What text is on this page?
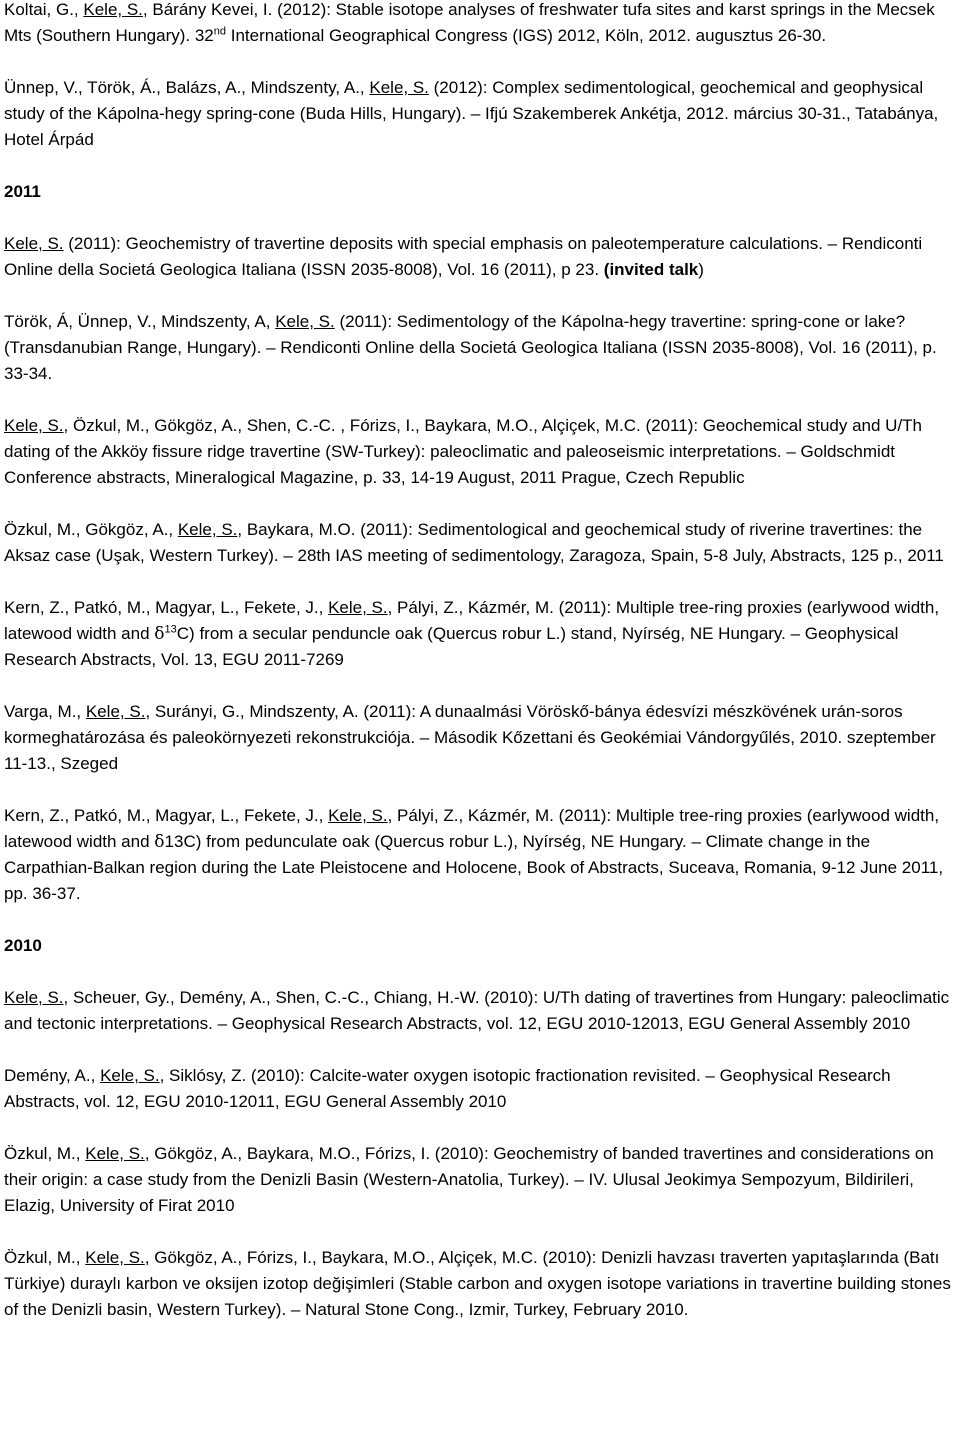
Koltai, G., Kele, S., Bárány Kevei, I. (2012): Stable isotope analyses of freshwater tufa sites and karst springs in the Mecsek Mts (Southern Hungary). 32nd International Geographical Congress (IGS) 2012, Köln, 2012. augusztus 26-30.

Ünnep, V., Török, Á., Balázs, A., Mindszenty, A., Kele, S. (2012): Complex sedimentological, geochemical and geophysical study of the Kápolna-hegy spring-cone (Buda Hills, Hungary). – Ifjú Szakemberek Ankétja, 2012. március 30-31., Tatabánya, Hotel Árpád

2011

Kele, S. (2011): Geochemistry of travertine deposits with special emphasis on paleotemperature calculations. – Rendiconti Online della Societá Geologica Italiana (ISSN 2035-8008), Vol. 16 (2011), p 23. (invited talk)

Török, Á, Ünnep, V., Mindszenty, A, Kele, S. (2011): Sedimentology of the Kápolna-hegy travertine: spring-cone or lake? (Transdanubian Range, Hungary). – Rendiconti Online della Societá Geologica Italiana (ISSN 2035-8008), Vol. 16 (2011), p. 33-34.

Kele, S., Özkul, M., Gökgöz, A., Shen, C.-C. , Fórizs, I., Baykara, M.O., Alçiçek, M.C. (2011): Geochemical study and U/Th dating of the Akköy fissure ridge travertine (SW-Turkey): paleoclimatic and paleoseismic interpretations. – Goldschmidt Conference abstracts, Mineralogical Magazine, p. 33, 14-19 August, 2011 Prague, Czech Republic

Özkul, M., Gökgöz, A., Kele, S., Baykara, M.O. (2011): Sedimentological and geochemical study of riverine travertines: the Aksaz case (Uşak, Western Turkey). – 28th IAS meeting of sedimentology, Zaragoza, Spain, 5-8 July, Abstracts, 125 p., 2011

Kern, Z., Patkó, M., Magyar, L., Fekete, J., Kele, S., Pályi, Z., Kázmér, M. (2011): Multiple tree-ring proxies (earlywood width, latewood width and $\delta^{13}C$) from a secular penduncle oak (Quercus robur L.) stand, Nyírség, NE Hungary. – Geophysical Research Abstracts, Vol. 13, EGU 2011-7269

Varga, M., Kele, S., Surányi, G., Mindszenty, A. (2011): A dunaalmási Vöröskő-bánya édesvízi mészkövének urán-soros kormeghatározása és paleokörnyezeti rekonstrukciója. – Második Kőzettani és Geokémiai Vándorgyűlés, 2010. szeptember 11-13., Szeged

Kern, Z., Patkó, M., Magyar, L., Fekete, J., Kele, S., Pályi, Z., Kázmér, M. (2011): Multiple tree-ring proxies (earlywood width, latewood width and δ13C) from pedunculate oak (Quercus robur L.), Nyírség, NE Hungary. – Climate change in the Carpathian-Balkan region during the Late Pleistocene and Holocene, Book of Abstracts, Suceava, Romania, 9-12 June 2011, pp. 36-37.

2010

Kele, S., Scheuer, Gy., Demény, A., Shen, C.-C., Chiang, H.-W. (2010): U/Th dating of travertines from Hungary: paleoclimatic and tectonic interpretations. – Geophysical Research Abstracts, vol. 12, EGU 2010-12013, EGU General Assembly 2010

Demény, A., Kele, S., Siklósy, Z. (2010): Calcite-water oxygen isotopic fractionation revisited. – Geophysical Research Abstracts, vol. 12, EGU 2010-12011, EGU General Assembly 2010

Özkul, M., Kele, S., Gökgöz, A., Baykara, M.O., Fórizs, I. (2010): Geochemistry of banded travertines and considerations on their origin: a case study from the Denizli Basin (Western-Anatolia, Turkey). – IV. Ulusal Jeokimya Sempozyum, Bildirileri, Elazig, University of Firat 2010

Özkul, M., Kele, S., Gökgöz, A., Fórizs, I., Baykara, M.O., Alçiçek, M.C. (2010): Denizli havzası traverten yapıtaşlarında (Batı Türkiye) duraylı karbon ve oksijen izotop değişimleri (Stable carbon and oxygen isotope variations in travertine building stones of the Denizli basin, Western Turkey). – Natural Stone Cong., Izmir, Turkey, February 2010.
